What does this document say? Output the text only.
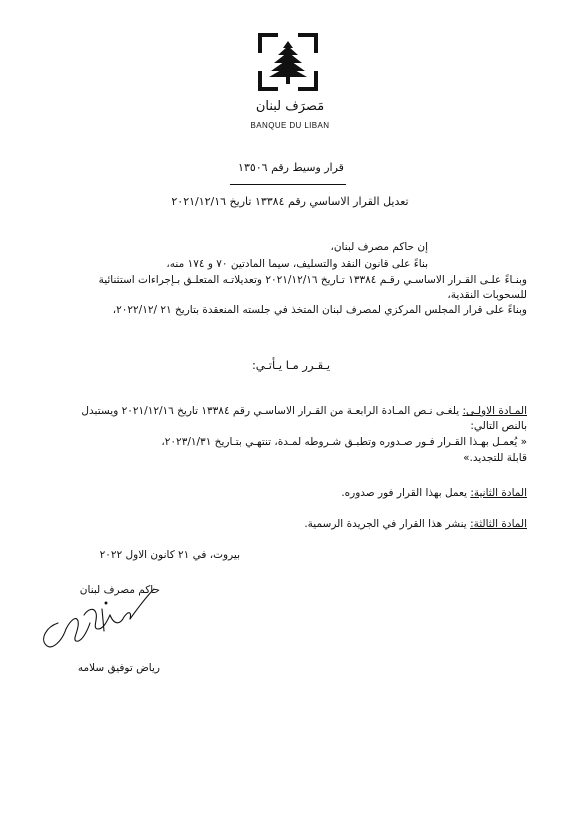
مَصرَف لبنان
BANQUE DU LIBAN
قرار وسيط رقم ١٣٥٠٦
تعديل القرار الاساسي رقم ١٣٣٨٤ تاريخ ٢٠٢١/١٢/١٦
إن حاكم مصرف لبنان،
بناءً على قانون النقد والتسليف، سيما المادتين ٧٠ و ١٧٤ منه،
وبنـاءً علـى القـرار الاساسـي رقـم ١٣٣٨٤ تـاريخ ٢٠٢١/١٢/١٦ وتعديلاتـه المتعلـق بـإجراءات استثنائية
للسحوبات النقدية،
وبناءً على قرار المجلس المركزي لمصرف لبنان المتخذ في جلسته المنعقدة بتاريخ ٢١ /٢٠٢٢/١٢،
يـقـرر مـا يـأتـي:
المـادة الاولـى: يلغـى نـص المـادة الرابعـة من القـرار الاساسـي رقم ١٣٣٨٤ تاريخ ٢٠٢١/١٢/١٦ ويستبدل
بالنص التالي:
« يُعمـل بهـذا القـرار فـور صـدوره وتطبـق شـروطه لمـدة، تنتهـي بتـاريخ ٢٠٢٣/١/٣١،
قابلة للتجديد.»
المادة الثانية: يعمل بهذا القرار فور صدوره.
المادة الثالثة: ينشر هذا القرار في الجريدة الرسمية.
بيروت، في ٢١ كانون الاول ٢٠٢٢
حاكم مصرف لبنان
رياض توفيق سلامه
